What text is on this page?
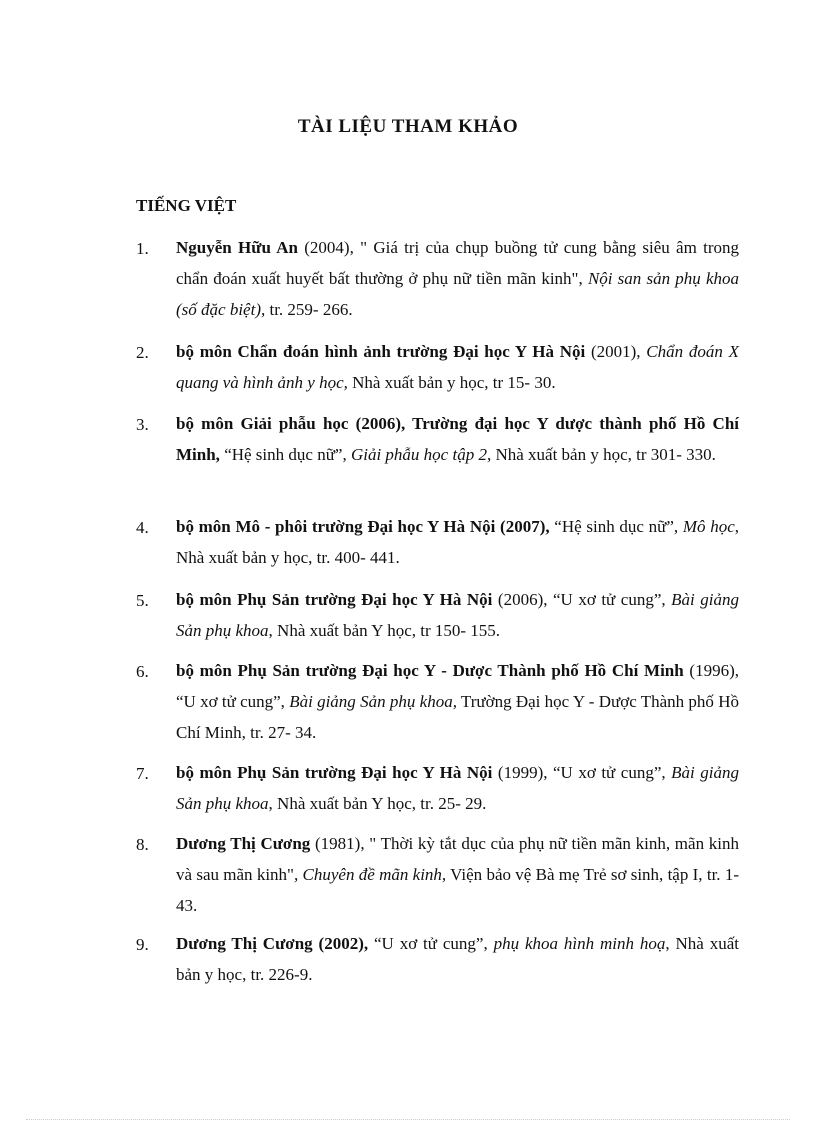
TÀI LIỆU THAM KHẢO
TIẾNG VIỆT
1. Nguyễn Hữu An (2004), " Giá trị của chụp buồng tử cung bằng siêu âm trong chẩn đoán xuất huyết bất thường ở phụ nữ tiền mãn kinh", Nội san sản phụ khoa (số đặc biệt), tr. 259- 266.
2. bộ môn Chẩn đoán hình ảnh trường Đại học Y Hà Nội (2001), Chẩn đoán X quang và hình ảnh y học, Nhà xuất bản y học, tr 15- 30.
3. bộ môn Giải phẫu học (2006), Trường đại học Y dược thành phố Hồ Chí Minh, “Hệ sinh dục nữ”, Giải phẫu học tập 2, Nhà xuất bản y học, tr 301- 330.
4. bộ môn Mô - phôi trường Đại học Y Hà Nội (2007), “Hệ sinh dục nữ”, Mô học, Nhà xuất bản y học, tr. 400- 441.
5. bộ môn Phụ Sản trường Đại học Y Hà Nội (2006), “U xơ tử cung”, Bài giảng Sản phụ khoa, Nhà xuất bản Y học, tr 150- 155.
6. bộ môn Phụ Sản trường Đại học Y - Dược Thành phố Hồ Chí Minh (1996), “U xơ tử cung”, Bài giảng Sản phụ khoa, Trường Đại học Y - Dược Thành phố Hồ Chí Minh, tr. 27- 34.
7. bộ môn Phụ Sản trường Đại học Y Hà Nội (1999), “U xơ tử cung”, Bài giảng Sản phụ khoa, Nhà xuất bản Y học, tr. 25- 29.
8. Dương Thị Cương (1981), " Thời kỳ tắt dục của phụ nữ tiền mãn kinh, mãn kinh và sau mãn kinh", Chuyên đề mãn kinh, Viện bảo vệ Bà mẹ Trẻ sơ sinh, tập I, tr. 1- 43.
9. Dương Thị Cương (2002), “U xơ tử cung”, phụ khoa hình minh hoạ, Nhà xuất bản y học, tr. 226-9.
